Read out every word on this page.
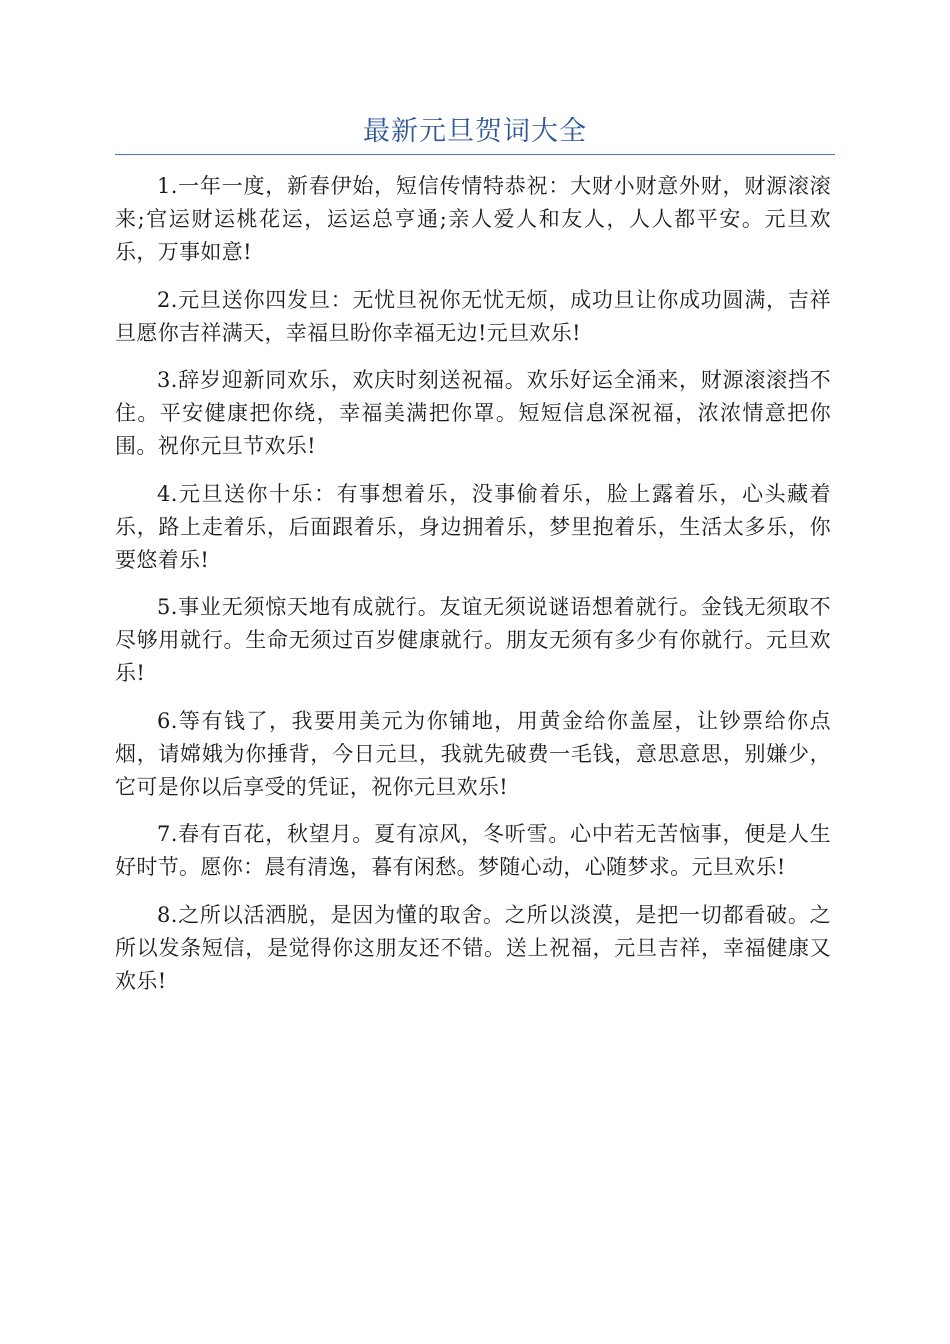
最新元旦贺词大全

1.一年一度，新春伊始，短信传情特恭祝：大财小财意外财，财源滚滚来;官运财运桃花运，运运总亨通;亲人爱人和友人，人人都平安。元旦欢乐，万事如意!

2.元旦送你四发旦：无忧旦祝你无忧无烦，成功旦让你成功圆满，吉祥旦愿你吉祥满天，幸福旦盼你幸福无边!元旦欢乐!

3.辞岁迎新同欢乐，欢庆时刻送祝福。欢乐好运全涌来，财源滚滚挡不住。平安健康把你绕，幸福美满把你罩。短短信息深祝福，浓浓情意把你围。祝你元旦节欢乐!

4.元旦送你十乐：有事想着乐，没事偷着乐，脸上露着乐，心头藏着乐，路上走着乐，后面跟着乐，身边拥着乐，梦里抱着乐，生活太多乐，你要悠着乐!

5.事业无须惊天地有成就行。友谊无须说谜语想着就行。金钱无须取不尽够用就行。生命无须过百岁健康就行。朋友无须有多少有你就行。元旦欢乐!

6.等有钱了，我要用美元为你铺地，用黄金给你盖屋，让钞票给你点烟，请嫦娥为你捶背，今日元旦，我就先破费一毛钱，意思意思，别嫌少，它可是你以后享受的凭证，祝你元旦欢乐!

7.春有百花，秋望月。夏有凉风，冬听雪。心中若无苦恼事，便是人生好时节。愿你：晨有清逸，暮有闲愁。梦随心动，心随梦求。元旦欢乐!

8.之所以活洒脱，是因为懂的取舍。之所以淡漠，是把一切都看破。之所以发条短信，是觉得你这朋友还不错。送上祝福，元旦吉祥，幸福健康又欢乐!
